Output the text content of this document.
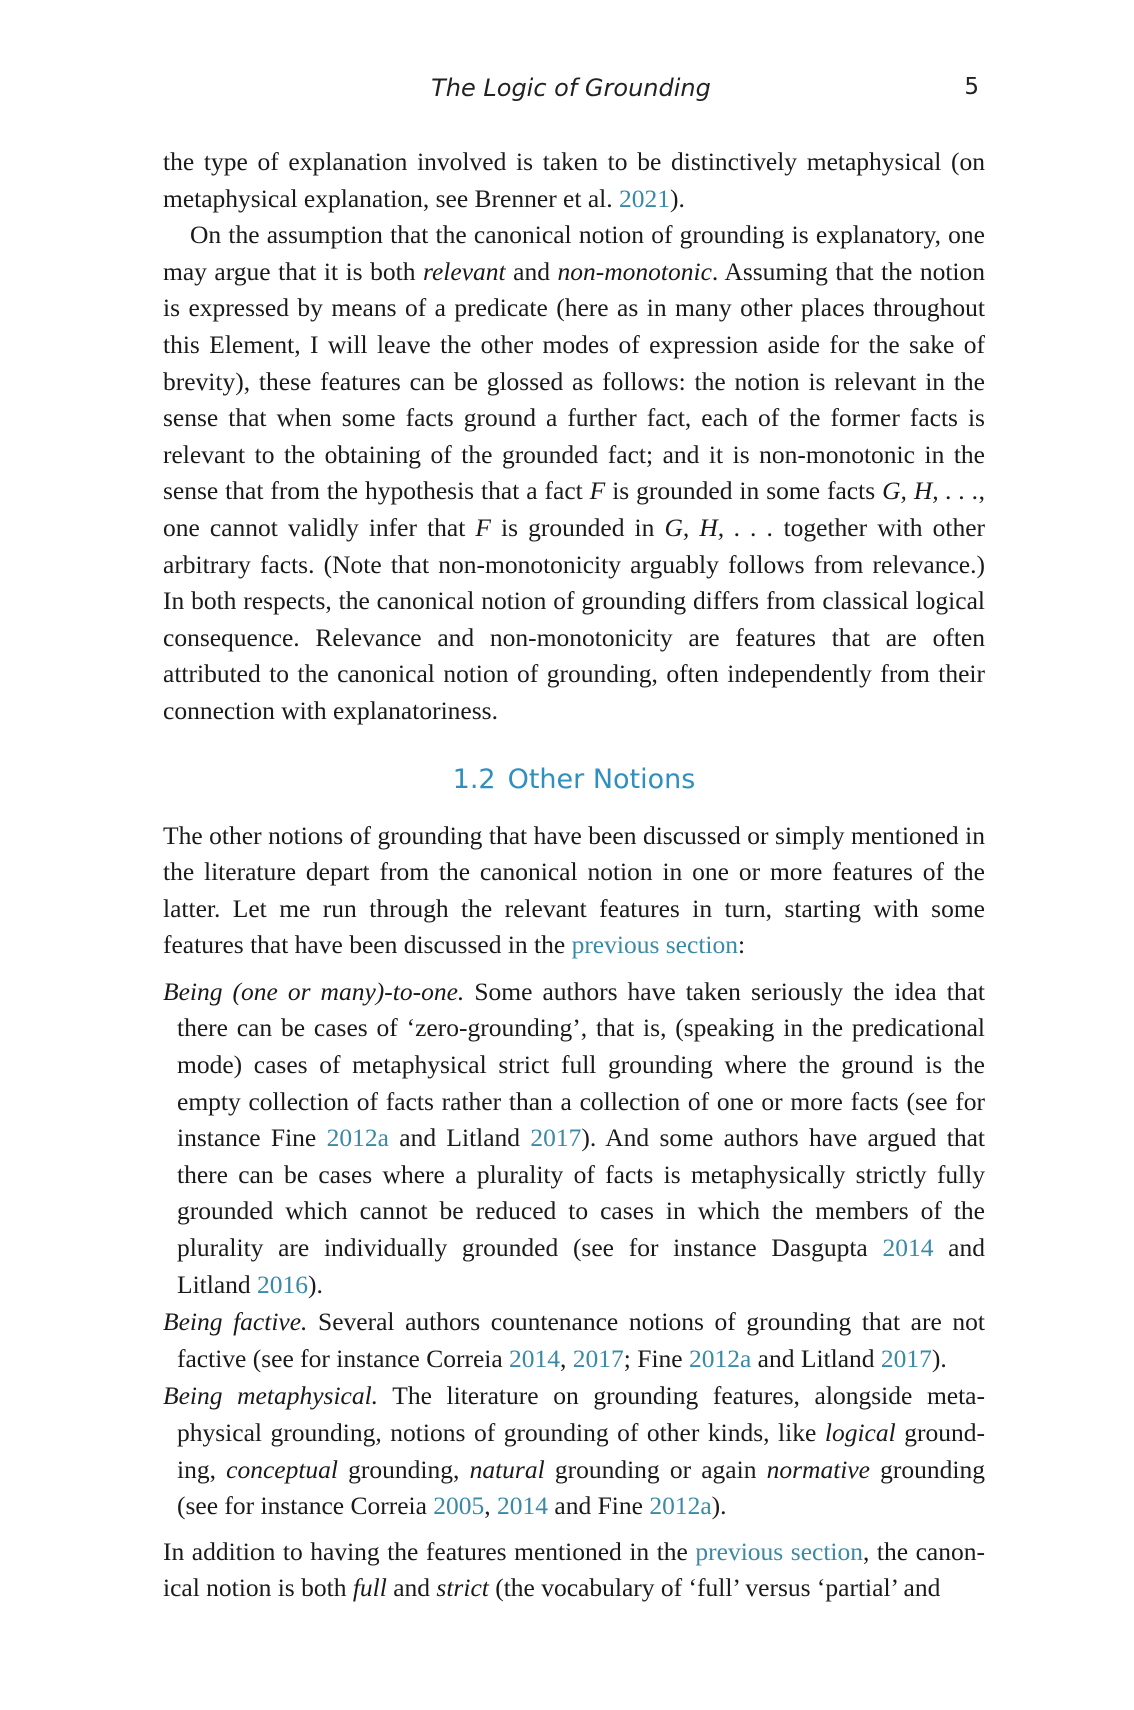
The Logic of Grounding	5

the type of explanation involved is taken to be distinctively metaphysical (on metaphysical explanation, see Brenner et al. 2021).

On the assumption that the canonical notion of grounding is explanatory, one may argue that it is both relevant and non-monotonic. Assuming that the notion is expressed by means of a predicate (here as in many other places throughout this Element, I will leave the other modes of expression aside for the sake of brevity), these features can be glossed as follows: the notion is relevant in the sense that when some facts ground a further fact, each of the former facts is relevant to the obtaining of the grounded fact; and it is non-monotonic in the sense that from the hypothesis that a fact F is grounded in some facts G, H, . . ., one cannot validly infer that F is grounded in G, H, . . . together with other arbitrary facts. (Note that non-monotonicity arguably follows from relevance.) In both respects, the canonical notion of grounding differs from classical logical consequence. Relevance and non-monotonicity are features that are often attributed to the canonical notion of grounding, often independently from their connection with explanatoriness.

1.2 Other Notions

The other notions of grounding that have been discussed or simply mentioned in the literature depart from the canonical notion in one or more features of the latter. Let me run through the relevant features in turn, starting with some features that have been discussed in the previous section:

Being (one or many)-to-one. Some authors have taken seriously the idea that there can be cases of ‘zero-grounding’, that is, (speaking in the predicational mode) cases of metaphysical strict full grounding where the ground is the empty collection of facts rather than a collection of one or more facts (see for instance Fine 2012a and Litland 2017). And some authors have argued that there can be cases where a plurality of facts is metaphysically strictly fully grounded which cannot be reduced to cases in which the members of the plurality are individually grounded (see for instance Dasgupta 2014 and Litland 2016).

Being factive. Several authors countenance notions of grounding that are not factive (see for instance Correia 2014, 2017; Fine 2012a and Litland 2017).

Being metaphysical. The literature on grounding features, alongside metaphysical grounding, notions of grounding of other kinds, like logical grounding, conceptual grounding, natural grounding or again normative grounding (see for instance Correia 2005, 2014 and Fine 2012a).

In addition to having the features mentioned in the previous section, the canonical notion is both full and strict (the vocabulary of ‘full’ versus ‘partial’ and
